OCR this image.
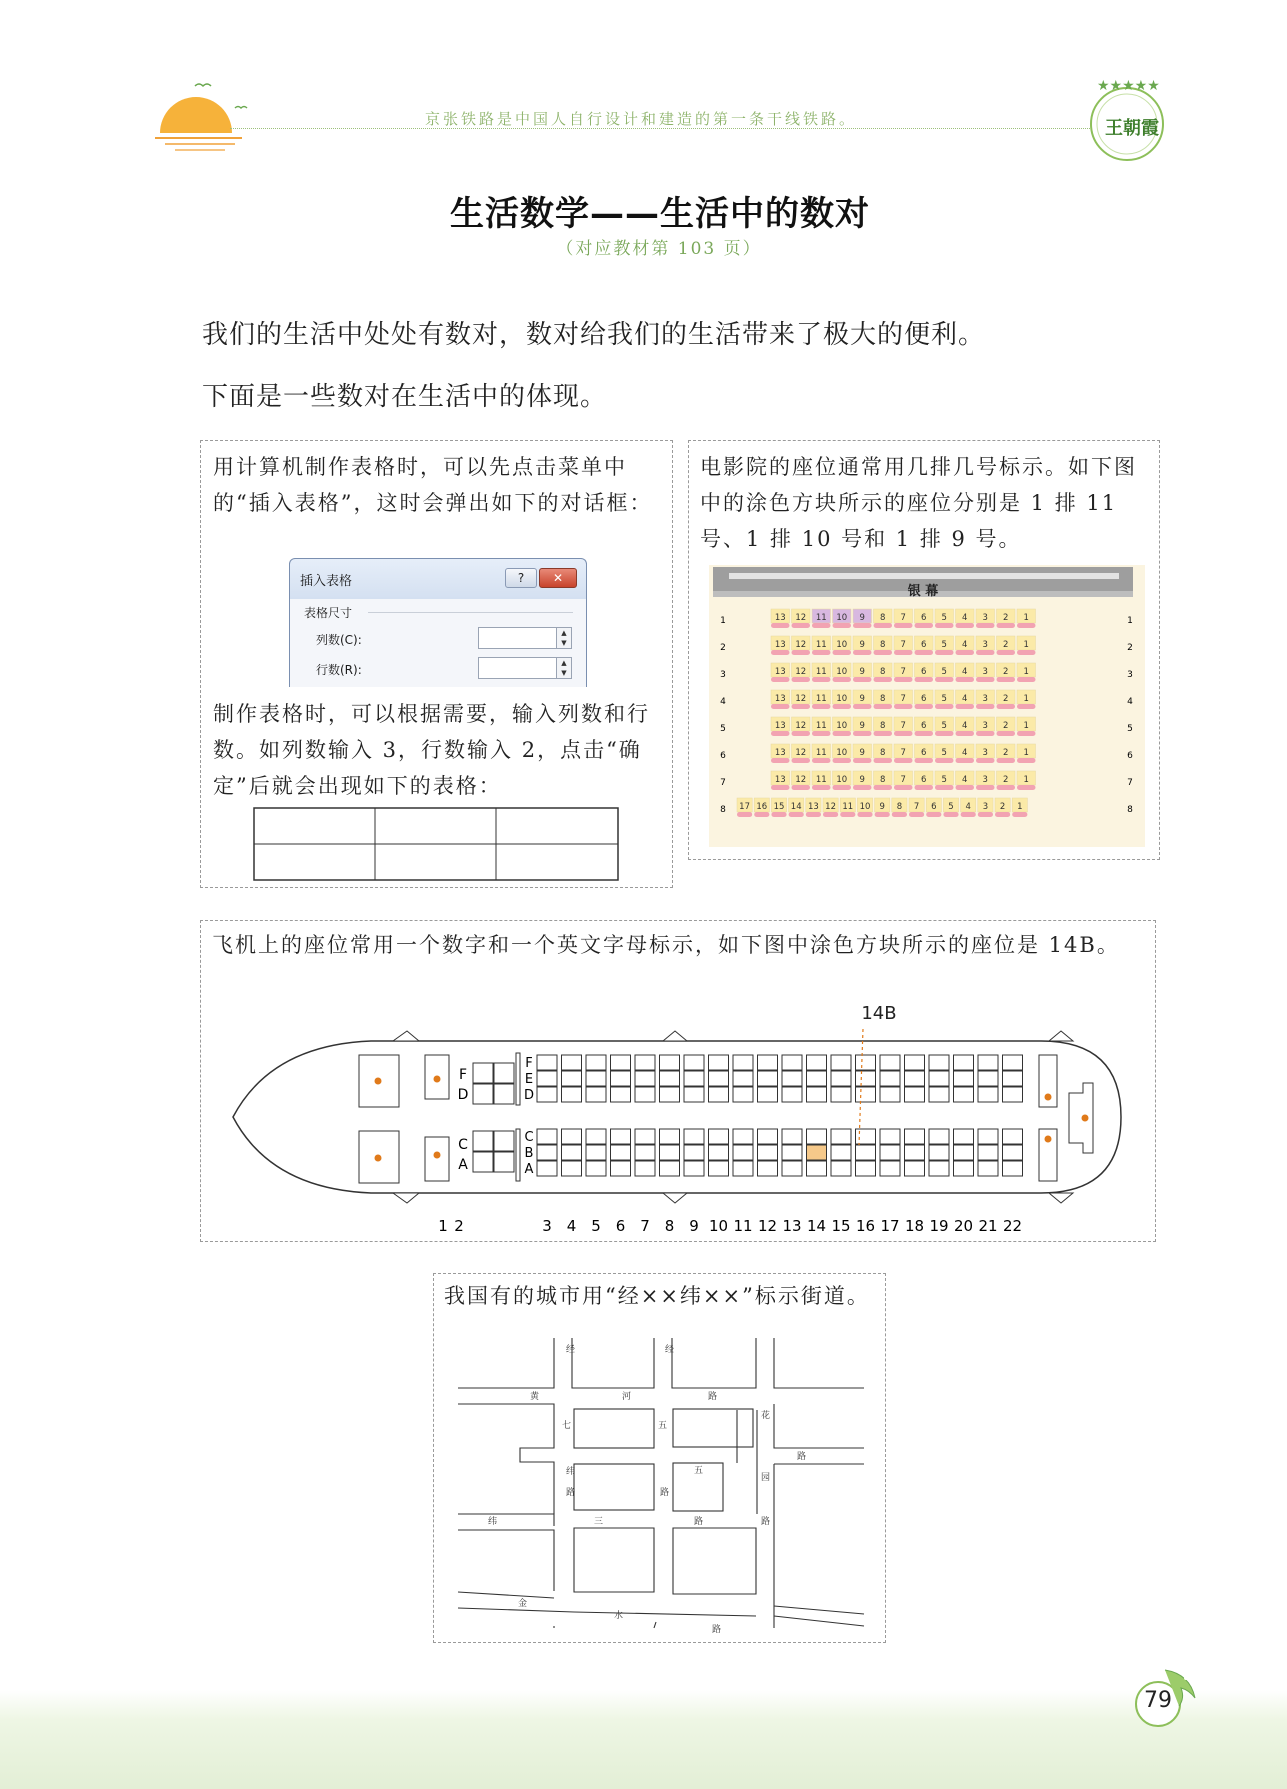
京张铁路是中国人自行设计和建造的第一条干线铁路。
★★★★★
王朝霞
生活数学——生活中的数对
（对应教材第 103 页）
我们的生活中处处有数对，数对给我们的生活带来了极大的便利。
下面是一些数对在生活中的体现。
用计算机制作表格时，可以先点击菜单中的“插入表格”，这时会弹出如下的对话框：
插入表格	?	✕
表格尺寸
列数(C):	▲
▼
行数(R):	▲
▼
制作表格时，可以根据需要，输入列数和行数。如列数输入 3，行数输入 2，点击“确定”后就会出现如下的表格：
电影院的座位通常用几排几号标示。如下图中的涂色方块所示的座位分别是 1 排 11 号、1 排 10 号和 1 排 9 号。
银 幕
1	1
13 12 11 10 9 8 7 6 5 4 3 2 1
2	2
13 12 11 10 9 8 7 6 5 4 3 2 1
3	3
13 12 11 10 9 8 7 6 5 4 3 2 1
4	4
13 12 11 10 9 8 7 6 5 4 3 2 1
5	5
13 12 11 10 9 8 7 6 5 4 3 2 1
6	6
13 12 11 10 9 8 7 6 5 4 3 2 1
7	7
13 12 11 10 9 8 7 6 5 4 3 2 1
8	8
17 16 15 14 13 12 11 10 9 8 7 6 5 4 3 2 1
飞机上的座位常用一个数字和一个英文字母标示，如下图中涂色方块所示的座位是 14B。
14B
F
D
C
A
F
E
D
C
B
A
1 2	3 4 5 6 7 8 9 10 11 12 13 14 15 16 17 18 19 20 21 22
我国有的城市用“经××纬××”标示街道。
黄
经
河
经
路
七
花
五
纬	五
路
园
路	路
纬	三	路	路
金
水
路
79
